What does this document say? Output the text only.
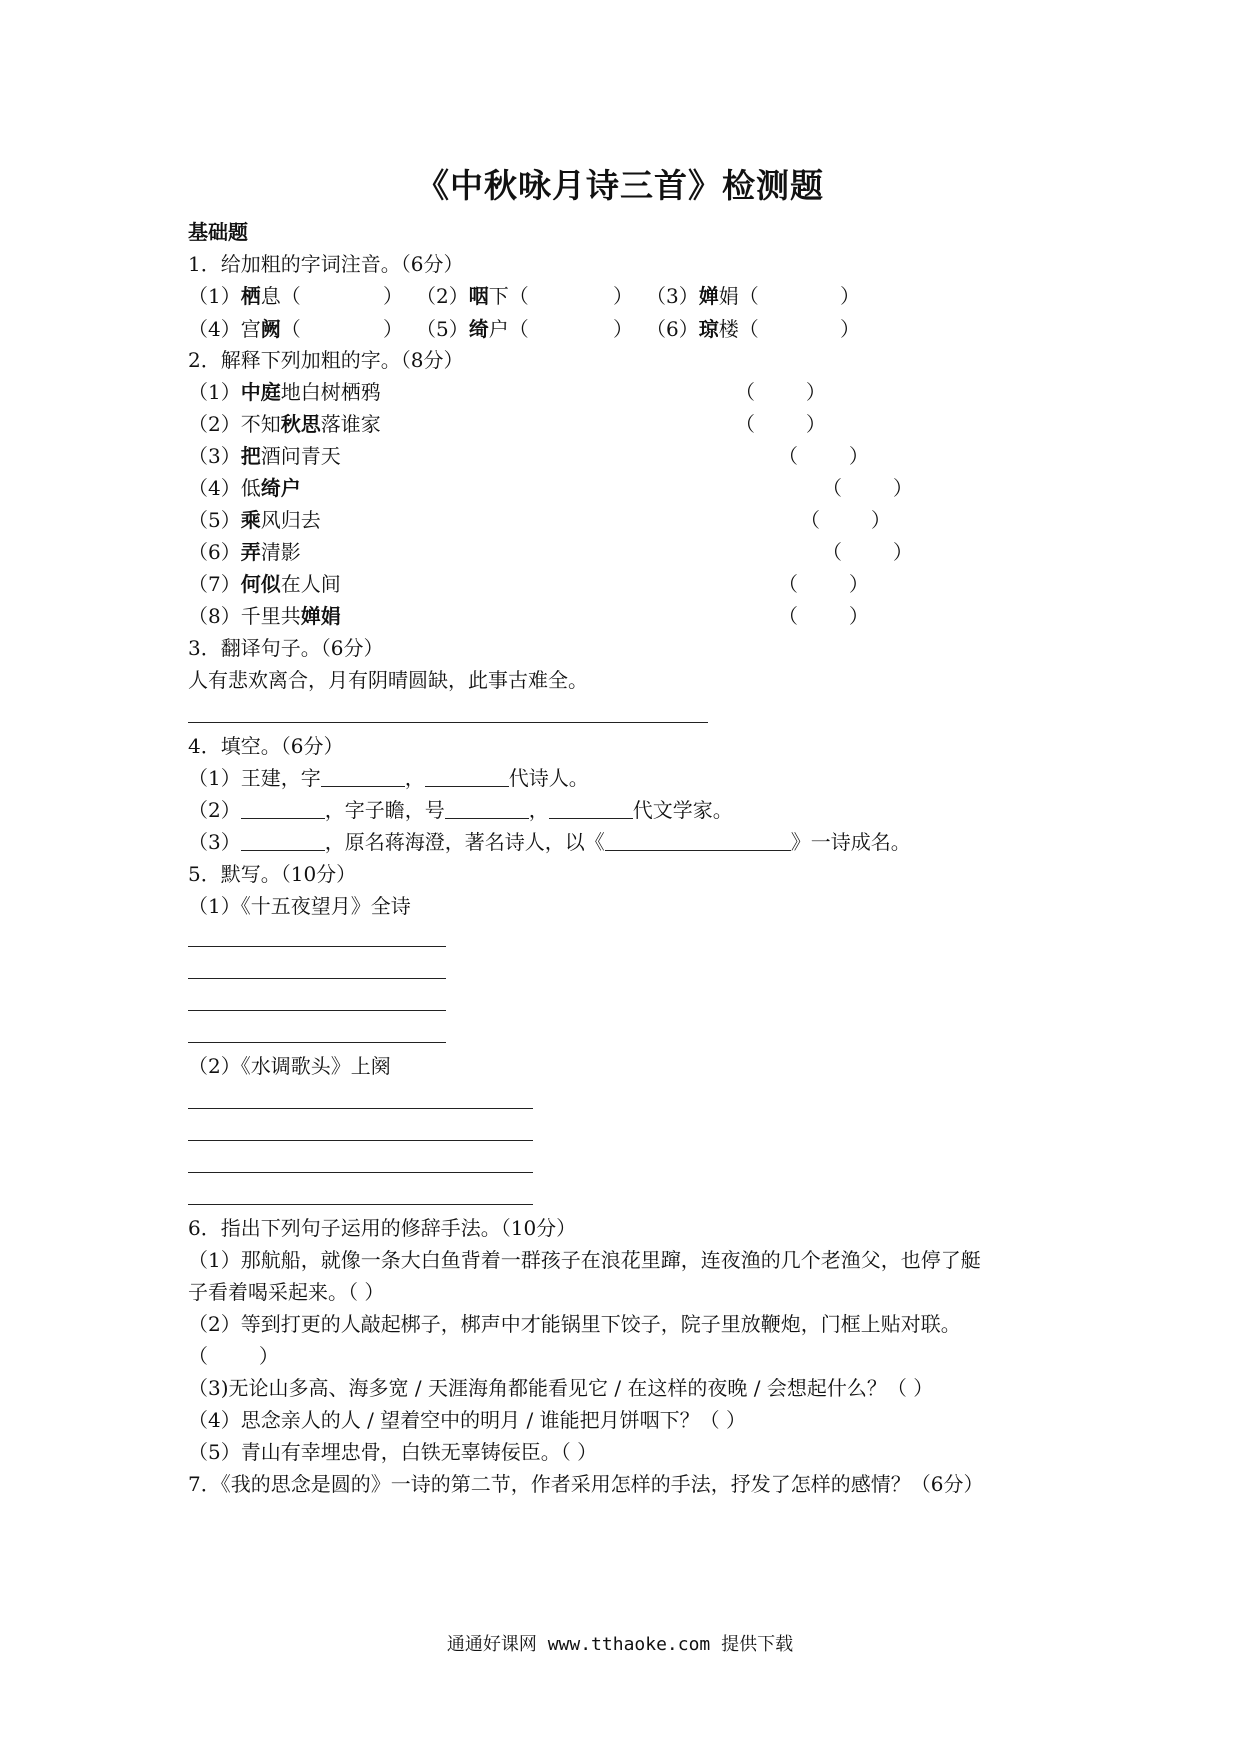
《中秋咏月诗三首》检测题
基础题
1．给加粗的字词注音。（6分）
（1）栖息（	） （2）咽下（	） （3）婵娟（	）
（4）宫阙（	） （5）绮户（	） （6）琼楼（	）
2．解释下列加粗的字。（8分）
（1）中庭地白树栖鸦	（        ）
（2）不知秋思落谁家	（        ）
（3）把酒问青天	（        ）
（4）低绮户	（        ）
（5）乘风归去	（        ）
（6）弄清影	（        ）
（7）何似在人间	（        ）
（8）千里共婵娟	（        ）
3．翻译句子。（6分）
人有悲欢离合，月有阴晴圆缺，此事古难全。
4．填空。（6分）
（1）王建，字	，	代诗人。
（2）	，字子瞻，号	，	代文学家。
（3）	，原名蒋海澄，著名诗人，以《	》一诗成名。
5．默写。（10分）
（1）《十五夜望月》全诗
（2）《水调歌头》上阕
6．指出下列句子运用的修辞手法。（10分）
（1）那航船，就像一条大白鱼背着一群孩子在浪花里蹿，连夜渔的几个老渔父，也停了艇
子看着喝采起来。（ ）
（2）等到打更的人敲起梆子，梆声中才能锅里下饺子，院子里放鞭炮，门框上贴对联。
（        ）
（3)无论山多高、海多宽 / 天涯海角都能看见它 / 在这样的夜晚 / 会想起什么？（ ）
（4）思念亲人的人 / 望着空中的明月 / 谁能把月饼咽下？（ ）
（5）青山有幸埋忠骨，白铁无辜铸佞臣。（ ）
7．《我的思念是圆的》一诗的第二节，作者采用怎样的手法，抒发了怎样的感情？（6分）
通通好课网 www.tthaoke.com 提供下载
